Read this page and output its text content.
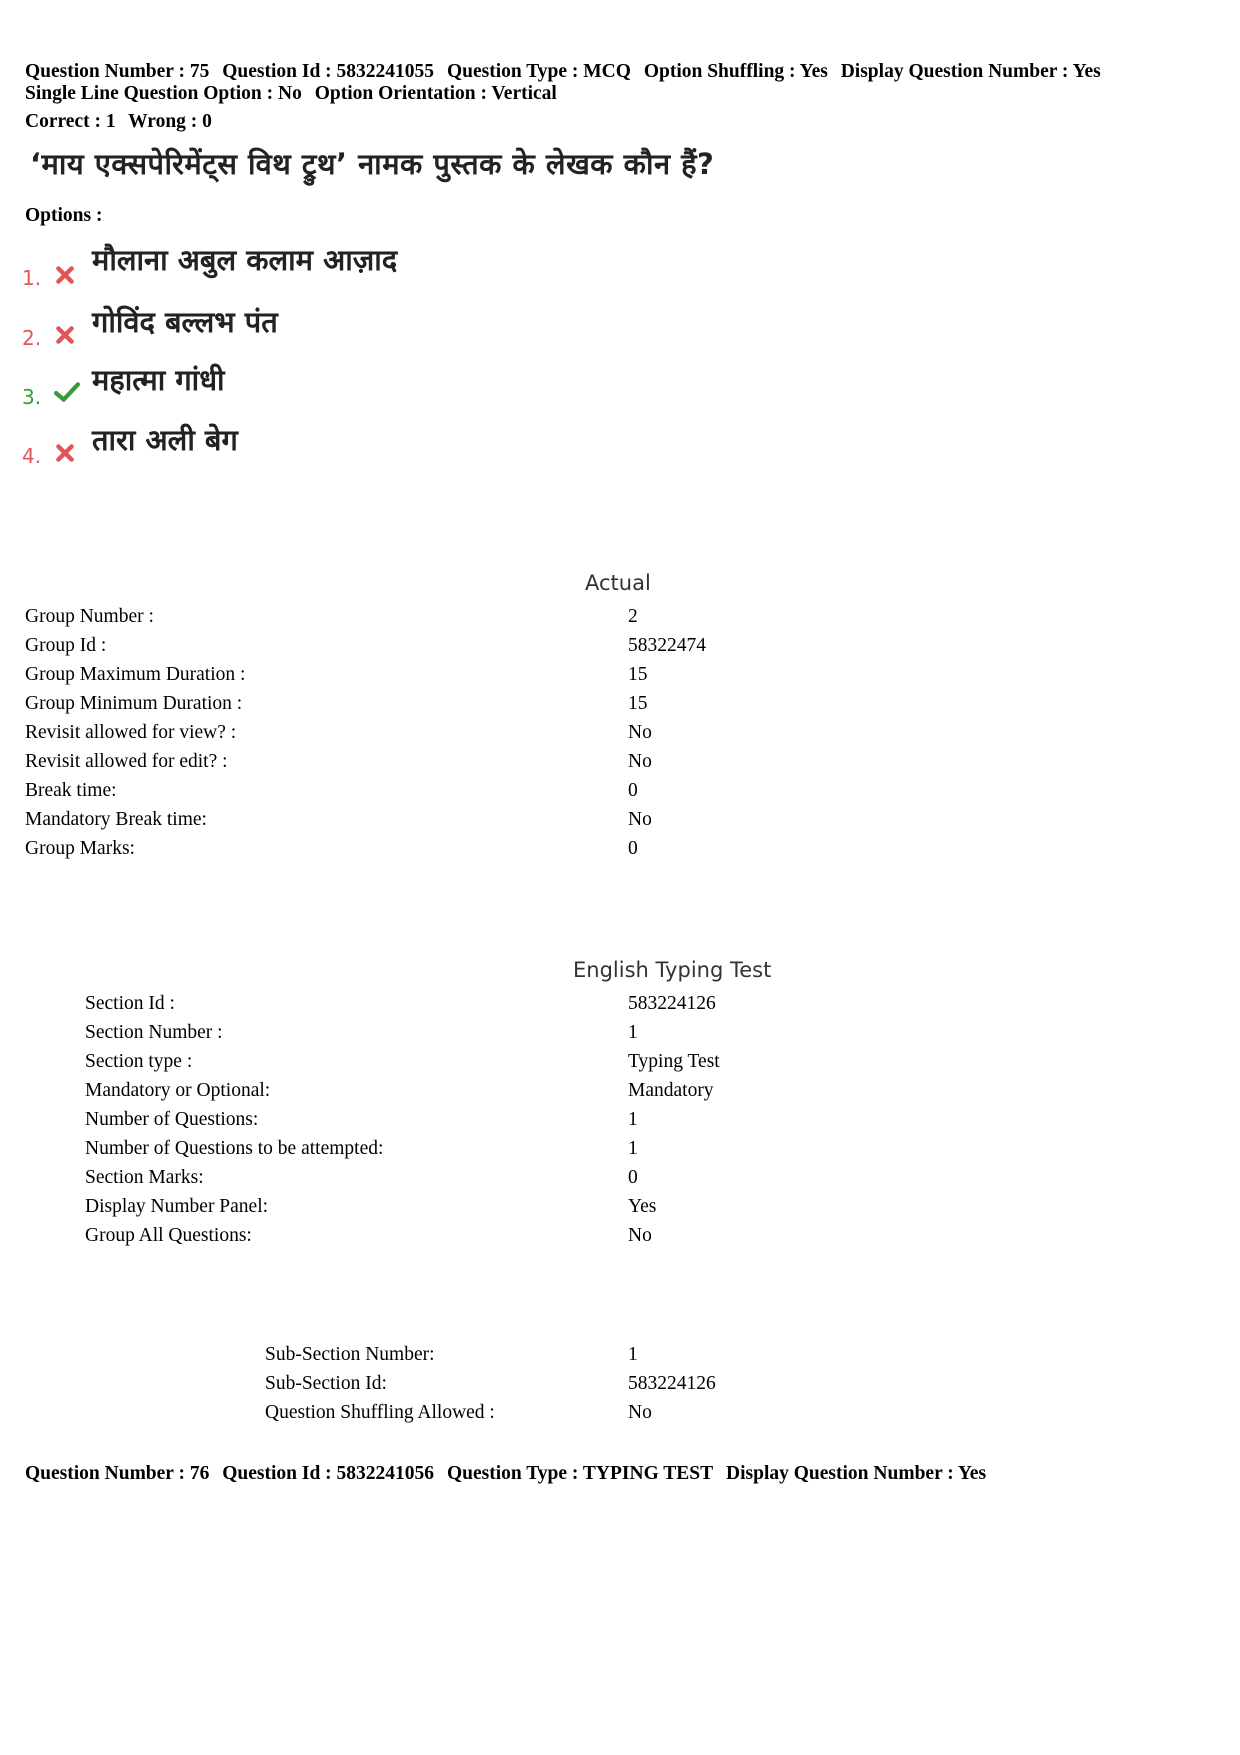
Question Number : 75 Question Id : 5832241055 Question Type : MCQ Option Shuffling : Yes Display Question Number : Yes
Single Line Question Option : No Option Orientation : Vertical
Correct : 1 Wrong : 0
‘माय एक्सपेरिमेंट्स विथ ट्रुथ’ नामक पुस्तक के लेखक कौन हैं?
Options :
1.
मौलाना अबुल कलाम आज़ाद
2. गोविंद बल्लभ पंत
3. महात्मा गांधी
4. तारा अली बेग
Actual
Group Number :	2
Group Id :	58322474
Group Maximum Duration :	15
Group Minimum Duration :	15
Revisit allowed for view? :	No
Revisit allowed for edit? :	No
Break time:	0
Mandatory Break time:	No
Group Marks:	0
English Typing Test
Section Id :	583224126
Section Number :	1
Section type :	Typing Test
Mandatory or Optional:	Mandatory
Number of Questions:	1
Number of Questions to be attempted:	1
Section Marks:	0
Display Number Panel:	Yes
Group All Questions:	No
Sub-Section Number:	1
Sub-Section Id:	583224126
Question Shuffling Allowed :	No
Question Number : 76 Question Id : 5832241056 Question Type : TYPING TEST Display Question Number : Yes
